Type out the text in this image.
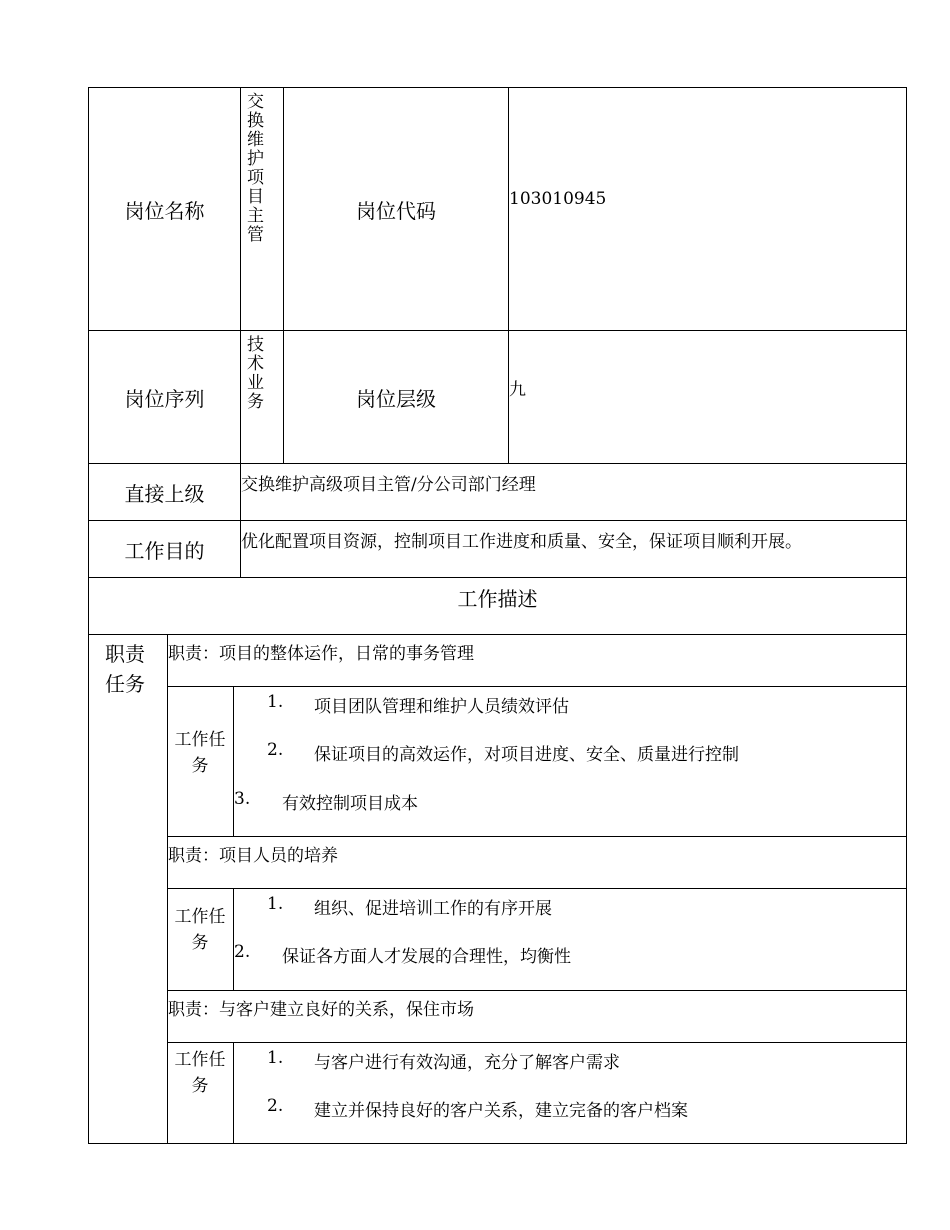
岗位名称 交换维护项目主管	岗位代码	103010945
岗位序列 技术业务	岗位层级	九
直接上级 交换维护高级项目主管/分公司部门经理
工作目的 优化配置项目资源，控制项目工作进度和质量、安全，保证项目顺利开展。
工作描述
职责任务
职责：项目的整体运作，日常的事务管理
工作任务
1. 项目团队管理和维护人员绩效评估
2. 保证项目的高效运作，对项目进度、安全、质量进行控制
3. 有效控制项目成本
职责：项目人员的培养
工作任务
1. 组织、促进培训工作的有序开展
2. 保证各方面人才发展的合理性，均衡性
职责：与客户建立良好的关系，保住市场
工作任务
1. 与客户进行有效沟通，充分了解客户需求
2. 建立并保持良好的客户关系，建立完备的客户档案
